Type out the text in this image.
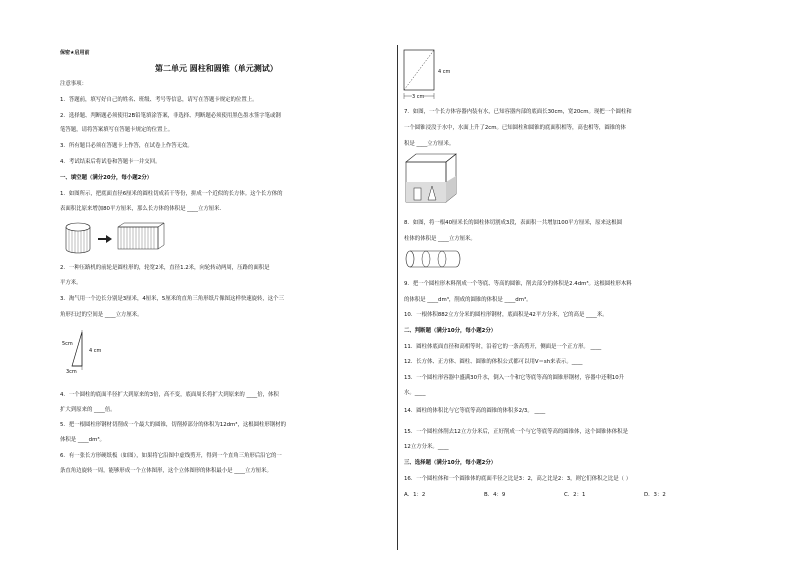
保密★启用前
第二单元 圆柱和圆锥（单元测试）
注意事项：
1．答题前，填写好自己的姓名、班级、考号等信息，请写在答题卡规定的位置上。
2．选择题、判断题必须使用2B铅笔填涂答案，非选择、判断题必须使用黑色墨水签字笔或钢
笔答题，请将答案填写在答题卡规定的位置上。
3．所有题目必须在答题卡上作答，在试卷上作答无效。
4．考试结束后将试卷和答题卡一并交回。
一、填空题（满分20分，每小题2分）
1．如图所示，把底面直径6厘米的圆柱切成若干等份，拼成一个近似的长方体。这个长方体的
表面积比原来增加80平方厘米，那么长方体的体积是 ____立方厘米.
2．一种压路机的前轮是圆柱形的，轮宽2米，直径1.2米，向轮转动两周，压路的面积是
平方米。
3．淘气用一个边长分别是3厘米，4厘米，5厘米的直角三角形纸片像图这样快速旋转，这个三
角形扫过的空间是 ____立方厘米。
5cm
4 cm
3cm
4．一个圆柱的底面半径扩大到原来的3倍，高不变，底面周长将扩大到原来的 ____倍，体积
扩大到原来的 ____倍。
5．把一根圆柱形钢材切削成一个最大的圆锥，切削掉部分的体积为12dm³，这根圆柱形钢材的
体积是 ____dm³。
6．有一张长方形硬纸板（如图），如果将它沿图中虚线剪开，得到一个直角三角形后沿它的一
条直角边旋转一周，能够形成一个立体图形，这个立体图形的体积最小是 ____立方厘米。
4 cm
3 cm
7．如图，一个长方体容器内装有水，已知容器内部的底面长30cm，宽20cm。现把一个圆柱和
一个圆锥浸没于水中，水面上升了2cm。已知圆柱和圆锥的底面积相等，高也相等，圆锥的体
积是 ____立方厘米。
8．如图，将一根40厘米长的圆柱体切割成3段，表面积一共增加100平方厘米，原来这根圆
柱体的体积是 ____立方厘米。
9．把一个圆柱形木料削成一个等底、等高的圆锥，削去部分的体积是2.4dm³。这根圆柱形木料
的体积是 ____dm³，削成的圆锥的体积是 ____dm³。
10．一根体积882立方分米的圆柱形钢材，底面积是42平方分米，它的高是 ____米。
二、判断题（满分10分，每小题2分）
11．圆柱体底面直径和高相等时，沿着它的一条高剪开，侧面是一个正方形。 ____
12．长方体、正方体、圆柱、圆锥的体积公式都可以用V＝sh来表示。____
13．一个圆柱形容器中盛满30升水，倒入一个和它等底等高的圆锥形钢材，容器中还剩10升
水。____
14．圆柱的体积比与它等底等高的圆锥的体积多2/3。 ____
15．一个圆柱体削去12立方分米后，正好削成一个与它等底等高的圆锥体，这个圆锥体体积是
12立方分米。____
三、选择题（满分10分，每小题2分）
16．一个圆柱体和一个圆锥体的底面半径之比是3：2，高之比是2：3，则它们体积之比是（ ）
A．1：2	B．4：9	C．2：1	D．3：2
